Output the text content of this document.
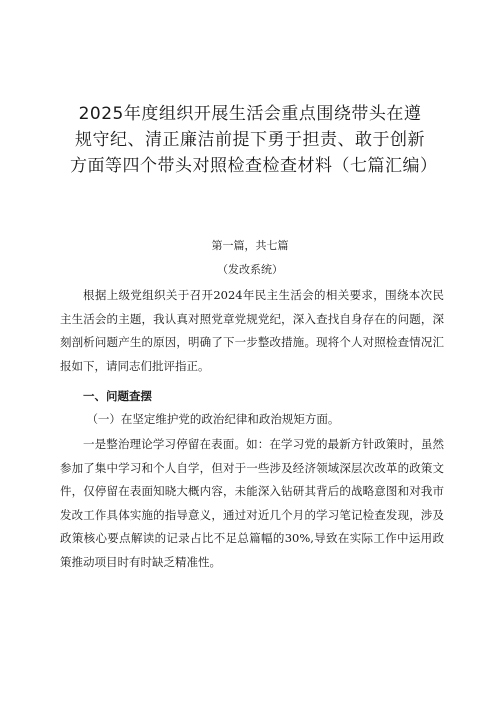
2025年度组织开展生活会重点围绕带头在遵规守纪、清正廉洁前提下勇于担责、敢于创新方面等四个带头对照检查检查材料（七篇汇编）
第一篇，共七篇
（发改系统）

根据上级党组织关于召开2024年民主生活会的相关要求，围绕本次民主生活会的主题，我认真对照党章党规党纪，深入查找自身存在的问题，深刻剖析问题产生的原因，明确了下一步整改措施。现将个人对照检查情况汇报如下，请同志们批评指正。

一、问题查摆
（一）在坚定维护党的政治纪律和政治规矩方面。

一是整治理论学习停留在表面。如：在学习党的最新方针政策时，虽然参加了集中学习和个人自学，但对于一些涉及经济领域深层次改革的政策文件，仅停留在表面知晓大概内容，未能深入钻研其背后的战略意图和对我市发改工作具体实施的指导意义，通过对近几个月的学习笔记检查发现，涉及政策核心要点解读的记录占比不足总篇幅的30%,导致在实际工作中运用政策推动项目时有时缺乏精准性。
